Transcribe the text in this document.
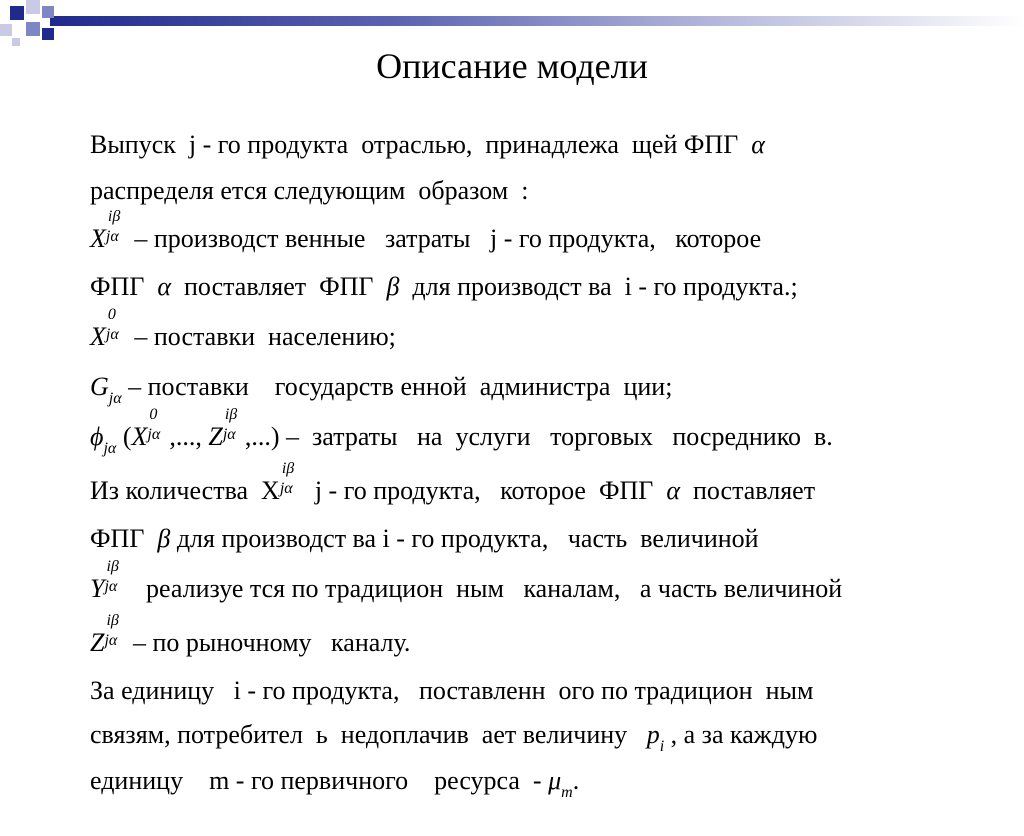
Описание модели

Выпуск  j - го продукта  отраслью,  принадлежа  щей ФПГ  α

распределя ется следующим  образом  :

X
iβ
jα – производст венные   затраты   j - го продукта,   которое

ФПГ  α  поставляет  ФПГ  β  для производст ва  i - го продукта.;

X
0
jα – поставки  населению;

$G_{j\alpha}$ – поставки    государств енной  администра  ции;

$\phi_{j\alpha}$ (X
0
jα ,..., Z
iβ
jα ,...) –  затраты   на  услуги   торговых   посреднико  в.

Из количества  X
iβ
jα j - го продукта,   которое  ФПГ  α  поставляет

ФПГ  β для производст ва i - го продукта,   часть  величиной

Y
iβ
jα реализуе тся по традицион  ным   каналам,   а часть величиной

Z
iβ
jα – по рыночному   каналу.

За единицу   i - го продукта,   поставленн  ого по традицион  ным

связям, потребител  ь  недоплачив  ает величину   $p_i$ , а за каждую

единицу    m - го первичного    ресурса  - $\mu_m$.
